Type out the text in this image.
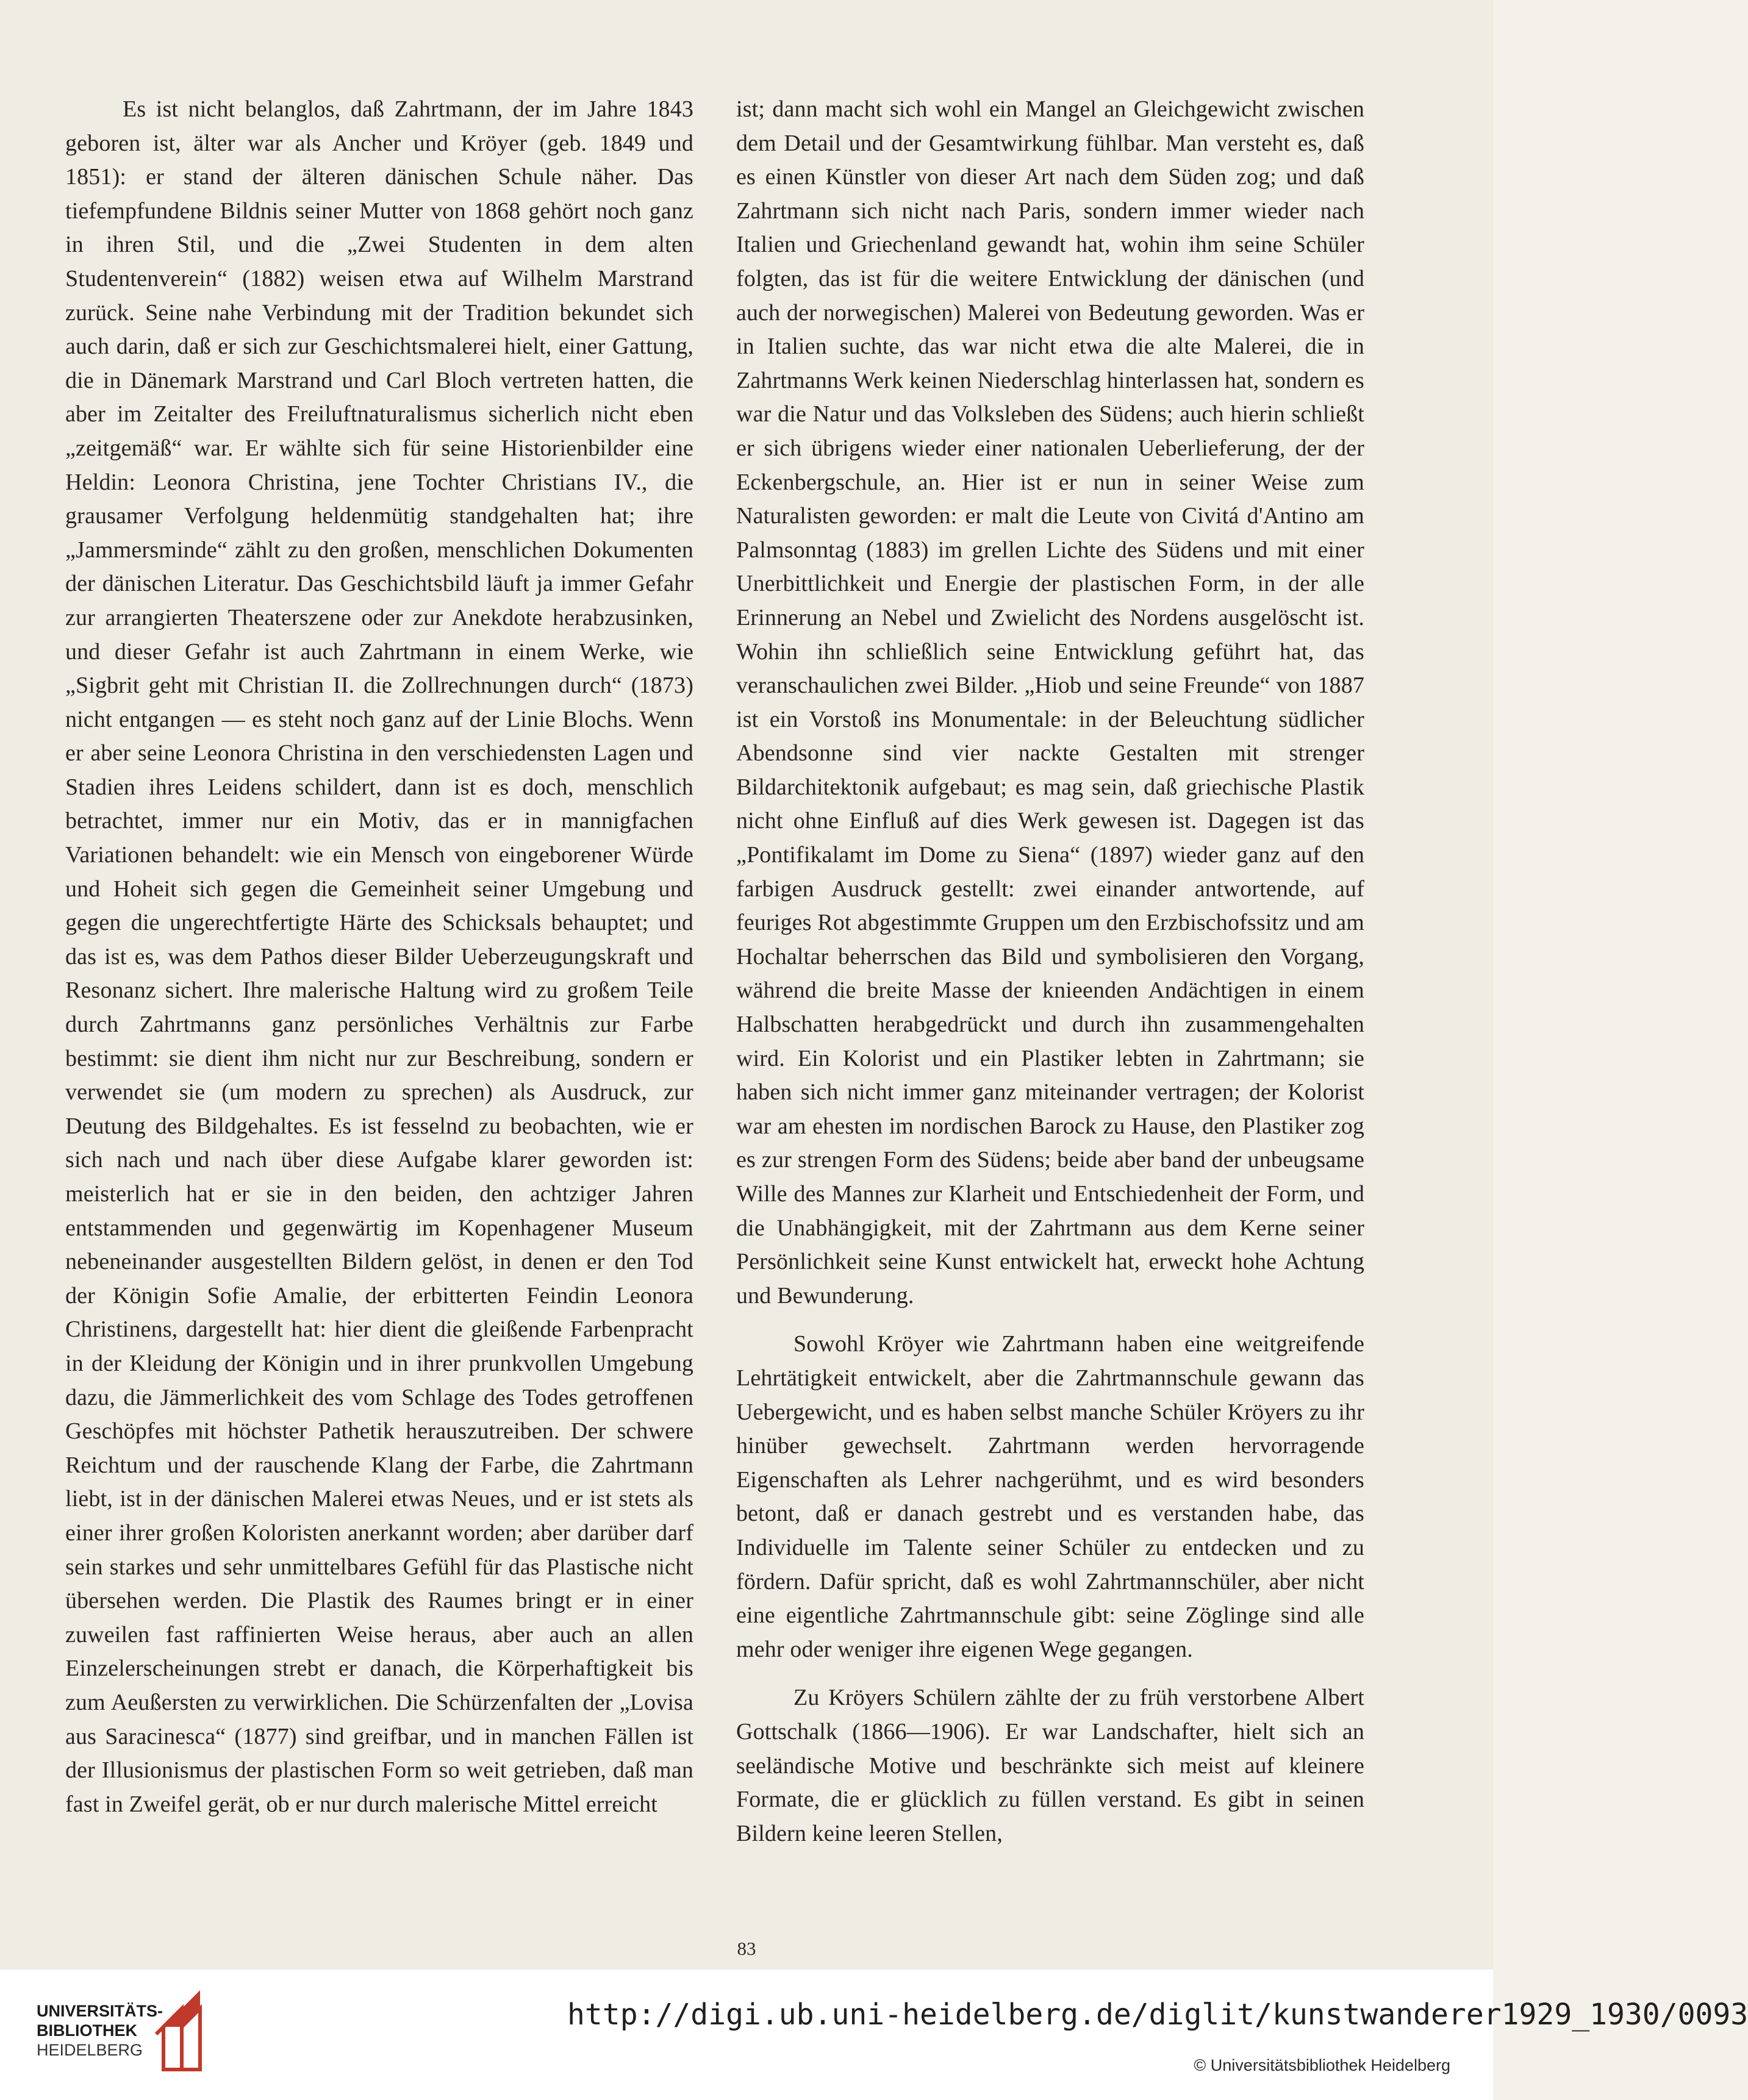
Es ist nicht belanglos, daß Zahrtmann, der im Jahre 1843 geboren ist, älter war als Ancher und Kröyer (geb. 1849 und 1851): er stand der älteren dänischen Schule näher. Das tiefempfundene Bildnis seiner Mutter von 1868 gehört noch ganz in ihren Stil, und die „Zwei Studenten in dem alten Studentenverein“ (1882) weisen etwa auf Wilhelm Marstrand zurück. Seine nahe Verbindung mit der Tradition bekundet sich auch darin, daß er sich zur Geschichtsmalerei hielt, einer Gattung, die in Dänemark Marstrand und Carl Bloch vertreten hatten, die aber im Zeitalter des Freiluftnaturalismus sicherlich nicht eben „zeitgemäß“ war. Er wählte sich für seine Historienbilder eine Heldin: Leonora Christina, jene Tochter Christians IV., die grausamer Verfolgung heldenmütig standgehalten hat; ihre „Jammersminde“ zählt zu den großen, menschlichen Dokumenten der dänischen Literatur. Das Geschichtsbild läuft ja immer Gefahr zur arrangierten Theaterszene oder zur Anekdote herabzusinken, und dieser Gefahr ist auch Zahrtmann in einem Werke, wie „Sigbrit geht mit Christian II. die Zollrechnungen durch“ (1873) nicht entgangen — es steht noch ganz auf der Linie Blochs. Wenn er aber seine Leonora Christina in den verschiedensten Lagen und Stadien ihres Leidens schildert, dann ist es doch, menschlich betrachtet, immer nur ein Motiv, das er in mannigfachen Variationen behandelt: wie ein Mensch von eingeborener Würde und Hoheit sich gegen die Gemeinheit seiner Umgebung und gegen die ungerechtfertigte Härte des Schicksals behauptet; und das ist es, was dem Pathos dieser Bilder Ueberzeugungskraft und Resonanz sichert. Ihre malerische Haltung wird zu großem Teile durch Zahrtmanns ganz persönliches Verhältnis zur Farbe bestimmt: sie dient ihm nicht nur zur Beschreibung, sondern er verwendet sie (um modern zu sprechen) als Ausdruck, zur Deutung des Bildgehaltes. Es ist fesselnd zu beobachten, wie er sich nach und nach über diese Aufgabe klarer geworden ist: meisterlich hat er sie in den beiden, den achtziger Jahren entstammenden und gegenwärtig im Kopenhagener Museum nebeneinander ausgestellten Bildern gelöst, in denen er den Tod der Königin Sofie Amalie, der erbitterten Feindin Leonora Christinens, dargestellt hat: hier dient die gleißende Farbenpracht in der Kleidung der Königin und in ihrer prunkvollen Umgebung dazu, die Jämmerlichkeit des vom Schlage des Todes getroffenen Geschöpfes mit höchster Pathetik herauszutreiben. Der schwere Reichtum und der rauschende Klang der Farbe, die Zahrtmann liebt, ist in der dänischen Malerei etwas Neues, und er ist stets als einer ihrer großen Koloristen anerkannt worden; aber darüber darf sein starkes und sehr unmittelbares Gefühl für das Plastische nicht übersehen werden. Die Plastik des Raumes bringt er in einer zuweilen fast raffinierten Weise heraus, aber auch an allen Einzelerscheinungen strebt er danach, die Körperhaftigkeit bis zum Aeußersten zu verwirklichen. Die Schürzenfalten der „Lovisa aus Saracinesca“ (1877) sind greifbar, und in manchen Fällen ist der Illusionismus der plastischen Form so weit getrieben, daß man fast in Zweifel gerät, ob er nur durch malerische Mittel erreicht

ist; dann macht sich wohl ein Mangel an Gleichgewicht zwischen dem Detail und der Gesamtwirkung fühlbar. Man versteht es, daß es einen Künstler von dieser Art nach dem Süden zog; und daß Zahrtmann sich nicht nach Paris, sondern immer wieder nach Italien und Griechenland gewandt hat, wohin ihm seine Schüler folgten, das ist für die weitere Entwicklung der dänischen (und auch der norwegischen) Malerei von Bedeutung geworden. Was er in Italien suchte, das war nicht etwa die alte Malerei, die in Zahrtmanns Werk keinen Niederschlag hinterlassen hat, sondern es war die Natur und das Volksleben des Südens; auch hierin schließt er sich übrigens wieder einer nationalen Ueberlieferung, der der Eckenbergschule, an. Hier ist er nun in seiner Weise zum Naturalisten geworden: er malt die Leute von Civitá d'Antino am Palmsonntag (1883) im grellen Lichte des Südens und mit einer Unerbittlichkeit und Energie der plastischen Form, in der alle Erinnerung an Nebel und Zwielicht des Nordens ausgelöscht ist. Wohin ihn schließlich seine Entwicklung geführt hat, das veranschaulichen zwei Bilder. „Hiob und seine Freunde“ von 1887 ist ein Vorstoß ins Monumentale: in der Beleuchtung südlicher Abendsonne sind vier nackte Gestalten mit strenger Bildarchitektonik aufgebaut; es mag sein, daß griechische Plastik nicht ohne Einfluß auf dies Werk gewesen ist. Dagegen ist das „Pontifikalamt im Dome zu Siena“ (1897) wieder ganz auf den farbigen Ausdruck gestellt: zwei einander antwortende, auf feuriges Rot abgestimmte Gruppen um den Erzbischofssitz und am Hochaltar beherrschen das Bild und symbolisieren den Vorgang, während die breite Masse der knieenden Andächtigen in einem Halbschatten herabgedrückt und durch ihn zusammengehalten wird. Ein Kolorist und ein Plastiker lebten in Zahrtmann; sie haben sich nicht immer ganz miteinander vertragen; der Kolorist war am ehesten im nordischen Barock zu Hause, den Plastiker zog es zur strengen Form des Südens; beide aber band der unbeugsame Wille des Mannes zur Klarheit und Entschiedenheit der Form, und die Unabhängigkeit, mit der Zahrtmann aus dem Kerne seiner Persönlichkeit seine Kunst entwickelt hat, erweckt hohe Achtung und Bewunderung.

Sowohl Kröyer wie Zahrtmann haben eine weitgreifende Lehrtätigkeit entwickelt, aber die Zahrtmannschule gewann das Uebergewicht, und es haben selbst manche Schüler Kröyers zu ihr hinüber gewechselt. Zahrtmann werden hervorragende Eigenschaften als Lehrer nachgerühmt, und es wird besonders betont, daß er danach gestrebt und es verstanden habe, das Individuelle im Talente seiner Schüler zu entdecken und zu fördern. Dafür spricht, daß es wohl Zahrtmannschüler, aber nicht eine eigentliche Zahrtmannschule gibt: seine Zöglinge sind alle mehr oder weniger ihre eigenen Wege gegangen.

Zu Kröyers Schülern zählte der zu früh verstorbene Albert Gottschalk (1866—1906). Er war Landschafter, hielt sich an seeländische Motive und beschränkte sich meist auf kleinere Formate, die er glücklich zu füllen verstand. Es gibt in seinen Bildern keine leeren Stellen,

83
UNIVERSITÄTS-
BIBLIOTHEK
HEIDELBERG
http://digi.ub.uni-heidelberg.de/diglit/kunstwanderer1929_1930/0093
© Universitätsbibliothek Heidelberg
